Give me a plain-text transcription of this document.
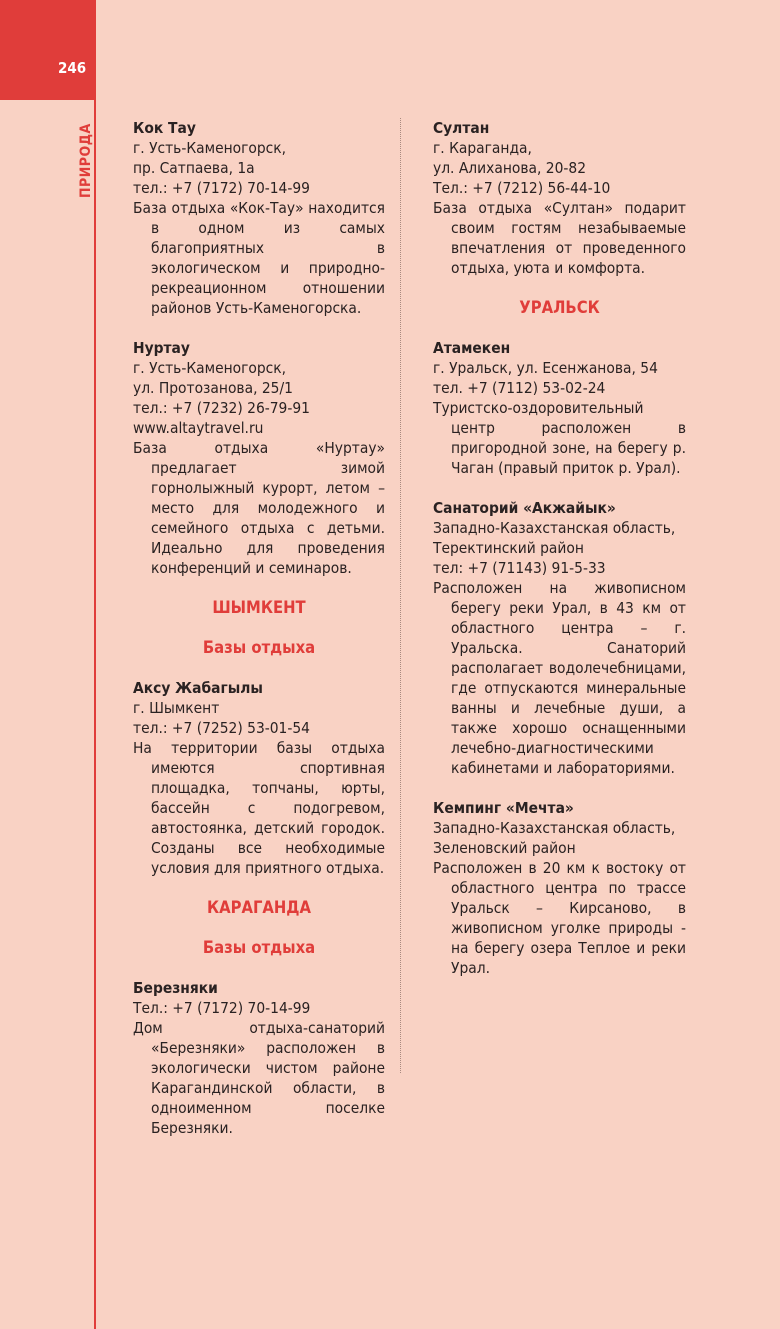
246
ПРИРОДА	Кок Тау

г. Усть-Каменогорск,

пр. Сатпаева, 1а

тел.: +7 (7172) 70-14-99

База отдыха «Кок-Тау» находится в одном из самых благоприятных в экологическом и природно-рекреационном отношении районов Усть-Каменогорска.

Нуртау

г. Усть-Каменогорск,

ул. Протозанова, 25/1

тел.: +7 (7232) 26-79-91

www.altaytravel.ru

База отдыха «Нуртау» предлагает зимой горнолыжный курорт, летом – место для молодежного и семейного отдыха с детьми. Идеально для проведения конференций и семинаров.

ШЫМКЕНТ

Базы отдыха

Аксу Жабагылы

г. Шымкент

тел.: +7 (7252) 53-01-54

На территории базы отдыха имеются спортивная площадка, топчаны, юрты, бассейн с подогревом, автостоянка, детский городок. Созданы все необходимые условия для приятного отдыха.

КАРАГАНДА

Базы отдыха

Березняки

Тел.: +7 (7172) 70-14-99

Дом отдыха-санаторий «Березняки» расположен в экологически чистом районе Карагандинской области, в одноименном поселке Березняки.

Султан

г. Караганда,

ул. Алиханова, 20-82

Тел.: +7 (7212) 56-44-10

База отдыха «Султан» подарит своим гостям незабываемые впечатления от проведенного отдыха, уюта и комфорта.

УРАЛЬСК

Атамекен

г. Уральск, ул. Есенжанова, 54

тел. +7 (7112) 53-02-24

Туристско-оздоровительный центр расположен в пригородной зоне, на берегу р. Чаган (правый приток р. Урал).

Санаторий «Акжайык»

Западно-Казахстанская область,

Теректинский район

тел: +7 (71143) 91-5-33

Расположен на живописном берегу реки Урал, в 43 км от областного центра – г. Уральска. Санаторий располагает водолечебницами, где отпускаются минеральные ванны и лечебные души, а также хорошо оснащенными лечебно-диагностическими кабинетами и лабораториями.

Кемпинг «Мечта»

Западно-Казахстанская область,

Зеленовский район

Расположен в 20 км к востоку от областного центра по трассе Уральск – Кирсаново, в живописном уголке природы - на берегу озера Теплое и реки Урал.
